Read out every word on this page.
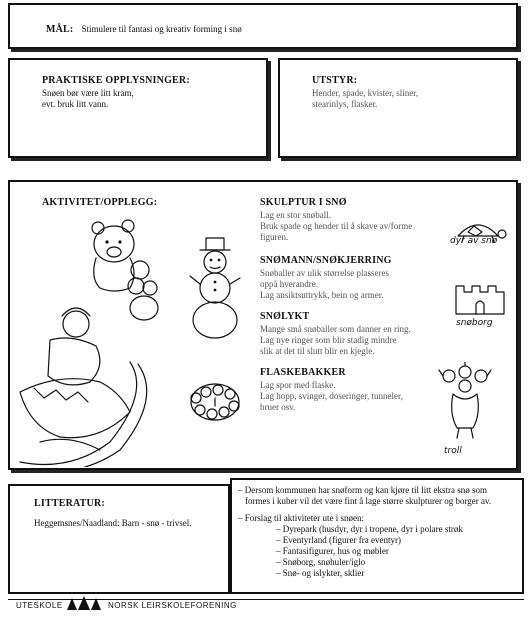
MÅL: Stimulere til fantasi og kreativ forming i snø
PRAKTISKE OPPLYSNINGER:
Snøen bør være litt kram,
evt. bruk litt vann.
UTSTYR:
Hender, spade, kvister, sliner,
stearinlys, flasker.
AKTIVITET/OPPLEGG:	SKULPTUR I SNØ
Lag en stor snøball.
Bruk spade og hender til å skave av/forme
figuren.
SNØMANN/SNØKJERRING
Snøballer av ulik størrelse plasseres
oppå hverandre.
Lag ansiktsuttrykk, bein og armer.
SNØLYKT
Mange små snøballer som danner en ring.
Lag nye ringer som blir stadig mindre
slik at det til slutt blir en kjegle.
FLASKEBAKKER
Lag spor med flaske.
Lag hopp, svinger, doseringer, tunneler,
bruer osv.
dyr av snø
snøborg
troll
LITTERATUR:
Heggemsnes/Naadland: Barn - snø - trivsel.
– Dersom kommunen har snøform og kan kjøre til litt ekstra snø som
formes i kuber vil det være fint å lage større skulpturer og borger av.
– Forslag til aktiviteter ute i snøen:
– Dyrepark (husdyr, dyr i tropene, dyr i polare strøk
– Eventyrland (figurer fra eventyr)
– Fantasifigurer, hus og møbler
– Snøborg, snøhuler/iglo
– Snø- og islykter, sklier
UTESKOLE	NORSK LEIRSKOLEFORENING
